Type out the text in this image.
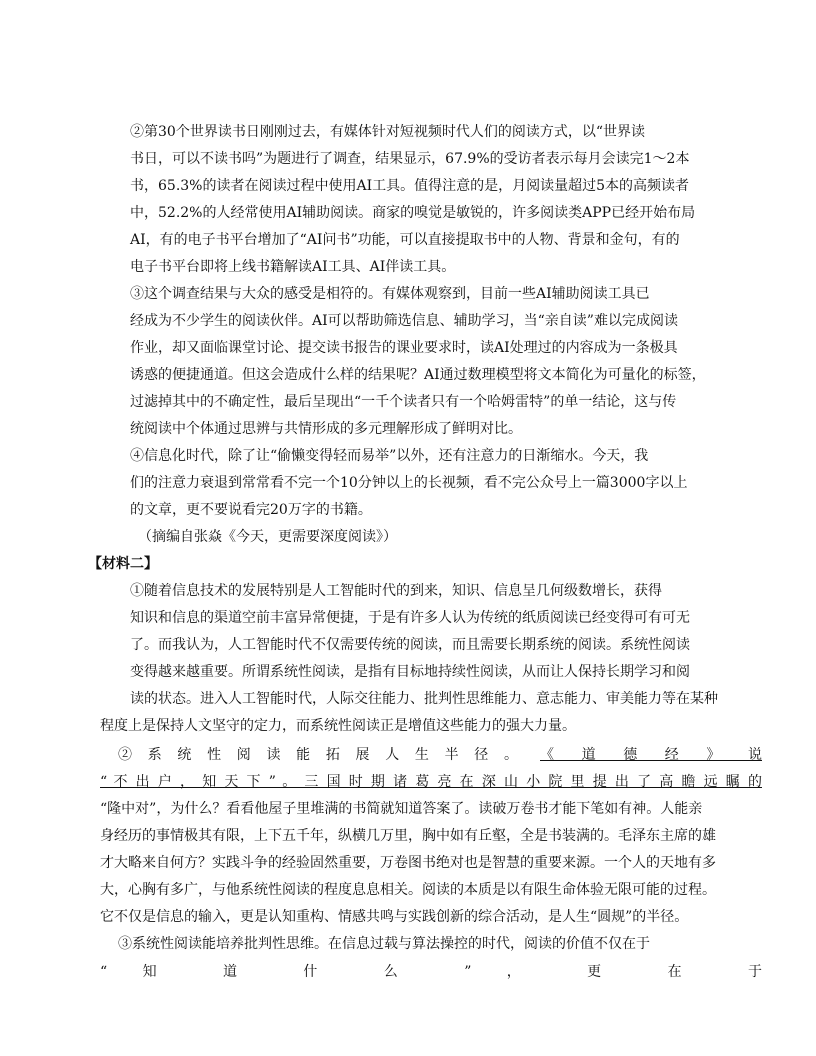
②第30个世界读书日刚刚过去，有媒体针对短视频时代人们的阅读方式，以“世界读
书日，可以不读书吗”为题进行了调查，结果显示，67.9%的受访者表示每月会读完1～2本
书，65.3%的读者在阅读过程中使用AI工具。值得注意的是，月阅读量超过5本的高频读者
中，52.2%的人经常使用AI辅助阅读。商家的嗅觉是敏锐的，许多阅读类APP已经开始布局
AI，有的电子书平台增加了“AI问书”功能，可以直接提取书中的人物、背景和金句，有的
电子书平台即将上线书籍解读AI工具、AI伴读工具。
③这个调查结果与大众的感受是相符的。有媒体观察到，目前一些AI辅助阅读工具已
经成为不少学生的阅读伙伴。AI可以帮助筛选信息、辅助学习，当“亲自读”难以完成阅读
作业，却又面临课堂讨论、提交读书报告的课业要求时，读AI处理过的内容成为一条极具
诱惑的便捷通道。但这会造成什么样的结果呢？AI通过数理模型将文本简化为可量化的标签，
过滤掉其中的不确定性，最后呈现出“一千个读者只有一个哈姆雷特”的单一结论，这与传
统阅读中个体通过思辨与共情形成的多元理解形成了鲜明对比。
④信息化时代，除了让“偷懒变得轻而易举”以外，还有注意力的日渐缩水。今天，我
们的注意力衰退到常常看不完一个10分钟以上的长视频，看不完公众号上一篇3000字以上
的文章，更不要说看完20万字的书籍。
（摘编自张焱《今天，更需要深度阅读》）
【材料二】
①随着信息技术的发展特别是人工智能时代的到来，知识、信息呈几何级数增长，获得
知识和信息的渠道空前丰富异常便捷，于是有许多人认为传统的纸质阅读已经变得可有可无
了。而我认为，人工智能时代不仅需要传统的阅读，而且需要长期系统的阅读。系统性阅读
变得越来越重要。所谓系统性阅读，是指有目标地持续性阅读，从而让人保持长期学习和阅
读的状态。进入人工智能时代，人际交往能力、批判性思维能力、意志能力、审美能力等在某种
程度上是保持人文坚守的定力，而系统性阅读正是增值这些能力的强大力量。
② 系 统 性 阅 读 能 拓 展 人 生 半 径 。 《 道 德 经 》 说
“ 不 出 户 ， 知 天 下 ” 。 三 国 时 期 诸 葛 亮 在 深 山 小 院 里 提 出 了 高 瞻 远 瞩 的
“隆中对”，为什么？看看他屋子里堆满的书简就知道答案了。读破万卷书才能下笔如有神。人能亲
身经历的事情极其有限，上下五千年，纵横几万里，胸中如有丘壑，全是书装满的。毛泽东主席的雄
才大略来自何方？实践斗争的经验固然重要，万卷图书绝对也是智慧的重要来源。一个人的天地有多
大，心胸有多广，与他系统性阅读的程度息息相关。阅读的本质是以有限生命体验无限可能的过程。
它不仅是信息的输入，更是认知重构、情感共鸣与实践创新的综合活动，是人生“圆规”的半径。
③系统性阅读能培养批判性思维。在信息过载与算法操控的时代，阅读的价值不仅在于
“ 知 道 什 么 ” ， 更 在 于
